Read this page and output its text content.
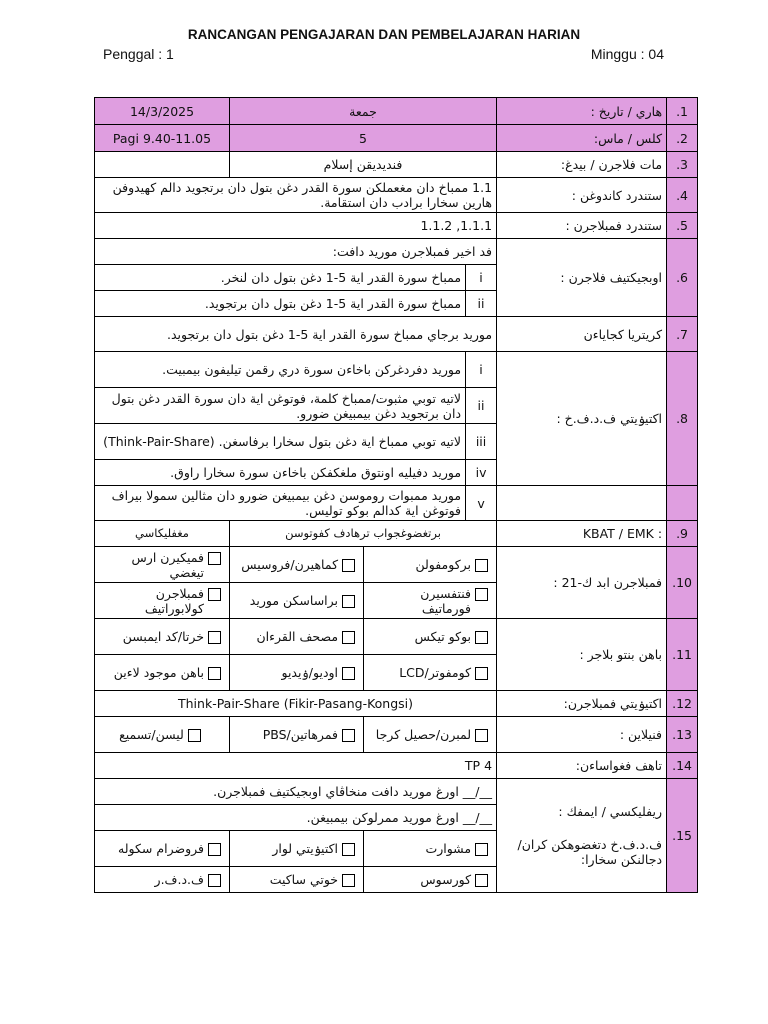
RANCANGAN PENGAJARAN DAN PEMBELAJARAN HARIAN
Penggal : 1	Minggu : 04
1.	هاري / تاريخ :	جمعة			14/3/2025
2.	كلس / ماس:	5			Pagi 9.40-11.05
3.	مات فلاجرن / بيدغ:	فنديديقن إسلام			
4.	ستندرد كاندوغن :	1.1 ممباخ دان مغعملكن سورة القدر دغن بتول دان برتجويد دالم كهيدوفن هارين سخارا برادب دان استقامة.			
5.	ستندرد فمبلاجرن :	1.1.1, 1.1.2			
6.	اوبجيكتيف فلاجرن :	فد اخير فمبلاجرن موريد دافت:			
		i	ممباخ سورة القدر اية 5-1 دغن بتول دان لنخر.		
		ii	ممباخ سورة القدر اية 5-1 دغن بتول دان برتجويد.		
7.	كريتريا كجاياءن	موريد برجاي ممباخ سورة القدر اية 5-1 دغن بتول دان برتجويد.			
8.	اكتيۏيتي ف.د.ف.خ :	i	موريد دفردغركن باخاءن سورة دري رقمن تيليفون بيمبيت.		
		ii	لاتيه توبي مثبوت/ممباخ كلمة، فوتوغن اية دان سورة القدر دغن بتول دان برتجويد دغن بيمبيغن ضورو.		
		iii	لاتيه توبي ممباخ اية دغن بتول سخارا برفاسغن. (Think-Pair-Share)		
		iv	موريد دفيليه اونتوق ملغكفكن باخاءن سورة سخارا راوق.		
		v	موريد ممبوات روموسن دغن بيمبيغن ضورو دان مثالين سمولا بيراف فوتوغن اية كدالم بوكو توليس.		
9.	KBAT / EMK :	برتغضوغجواب ترهادف كفوتوسن			مغفليكاسي
10.	فمبلاجرن ابد ك-21 :	بركومفولن		كماهيرن/فروسيس	فميكيرن ارس تيغضي

		فنتفسيرن فورماتيف		براساسكن موريد	فمبلاجرن كولابوراتيف

11.	باهن بنتو بلاجر :	بوكو تيكس		مصحف القرءان	خرتا/كد ايمبسن

		كومفوتر/LCD		اوديو/ۏيديو	باهن موجود لاءين

12.	اكتيۏيتي فمبلاجرن:	Think-Pair-Share (Fikir-Pasang-Kongsi)			
13.	فنيلاين :	لمبرن/حصيل كرجا		فمرهاتين/PBS	ليسن/تسميع

14.	تاهف فغواساءن:	TP 4			
15.	ريفليكسي / ايمفك :
ف.د.ف.خ دتغضوهكن كران/دجالنكن سخارا:	__/__ اورغ موريد دافت منخاڤاي اوبجيكتيف فمبلاجرن.			
		__/__ اورغ موريد ممرلوكن بيمبيغن.			

		مشوارت		اكتيۏيتي لوار	فروضرام سكوله

		كورسوس		خوتي ساكيت	ف.د.ف.ر
